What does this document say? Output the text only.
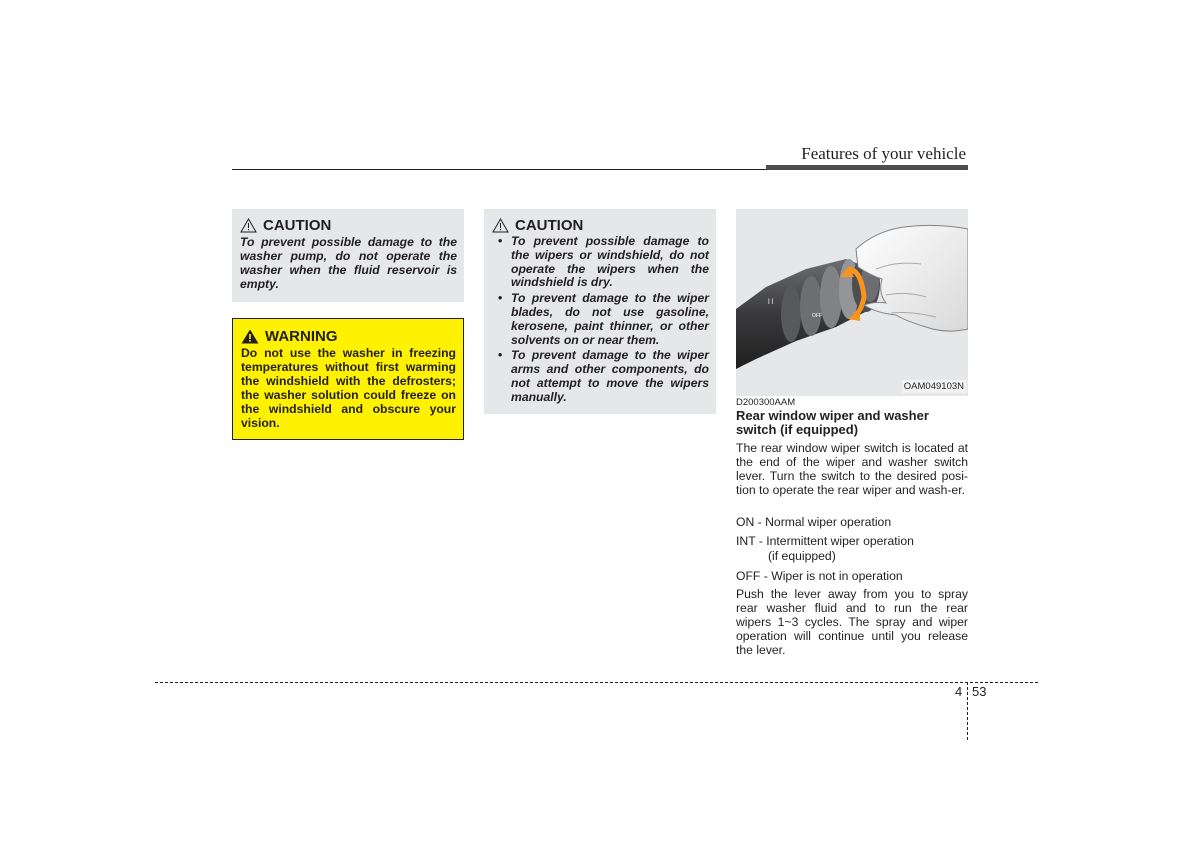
Features of your vehicle
CAUTION
To prevent possible damage to the washer pump, do not operate the washer when the fluid reservoir is empty.
WARNING
Do not use the washer in freezing temperatures without first warming the windshield with the defrosters; the washer solution could freeze on the windshield and obscure your vision.
CAUTION
• To prevent possible damage to the wipers or windshield, do not operate the wipers when the windshield is dry.
• To prevent damage to the wiper blades, do not use gasoline, kerosene, paint thinner, or other solvents on or near them.
• To prevent damage to the wiper arms and other components, do not attempt to move the wipers manually.
ꟾ ꟾ
OFF
OAM049103N
D200300AAM
Rear window wiper and washer switch (if equipped)
The rear window wiper switch is located at the end of the wiper and washer switch lever. Turn the switch to the desired posi-tion to operate the rear wiper and wash-er.
ON - Normal wiper operation
INT - Intermittent wiper operation
(if equipped)
OFF - Wiper is not in operation
Push the lever away from you to spray rear washer fluid and to run the rear wipers 1~3 cycles. The spray and wiper operation will continue until you release the lever.
4 53
